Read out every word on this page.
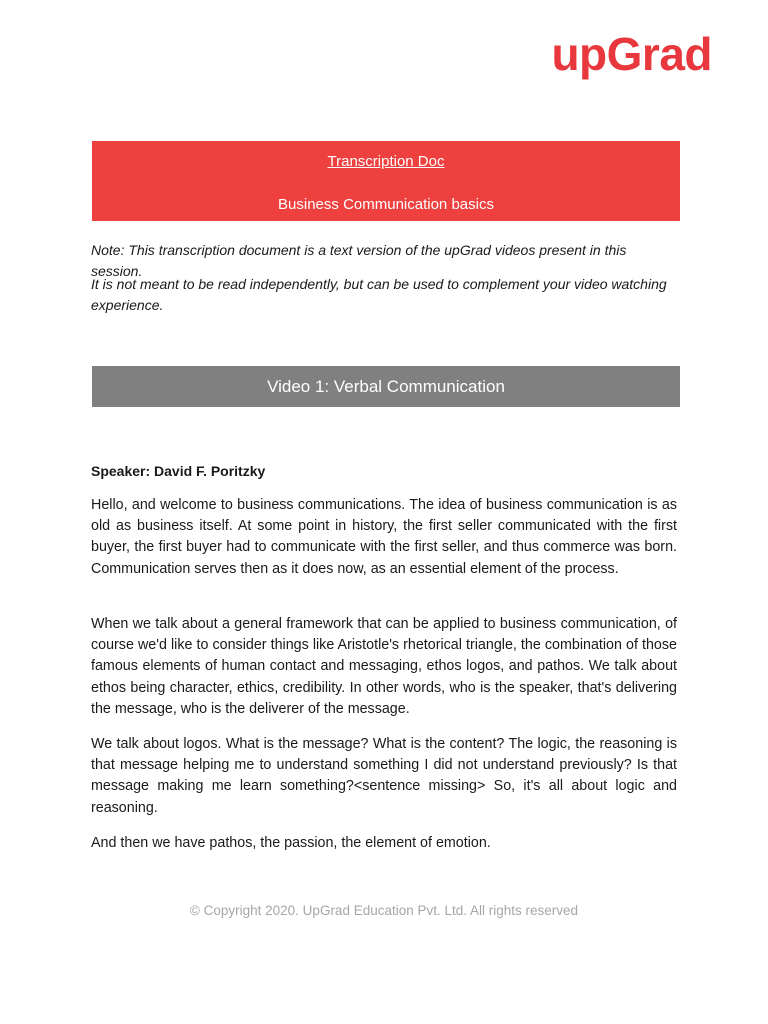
upGrad
Transcription Doc
Business Communication basics

Note: This transcription document is a text version of the upGrad videos present in this session.

It is not meant to be read independently, but can be used to complement your video watching experience.

Video 1: Verbal Communication

Speaker: David F. Poritzky

Hello, and welcome to business communications. The idea of business communication is as old as business itself. At some point in history, the first seller communicated with the first buyer, the first buyer had to communicate with the first seller, and thus commerce was born. Communication serves then as it does now, as an essential element of the process.

When we talk about a general framework that can be applied to business communication, of course we'd like to consider things like Aristotle's rhetorical triangle, the combination of those famous elements of human contact and messaging, ethos logos, and pathos. We talk about ethos being character, ethics, credibility. In other words, who is the speaker, that's delivering the message, who is the deliverer of the message.

We talk about logos. What is the message? What is the content? The logic, the reasoning is that message helping me to understand something I did not understand previously? Is that message making me learn something?<sentence missing> So, it's all about logic and reasoning.

And then we have pathos, the passion, the element of emotion.

© Copyright 2020. UpGrad Education Pvt. Ltd. All rights reserved
